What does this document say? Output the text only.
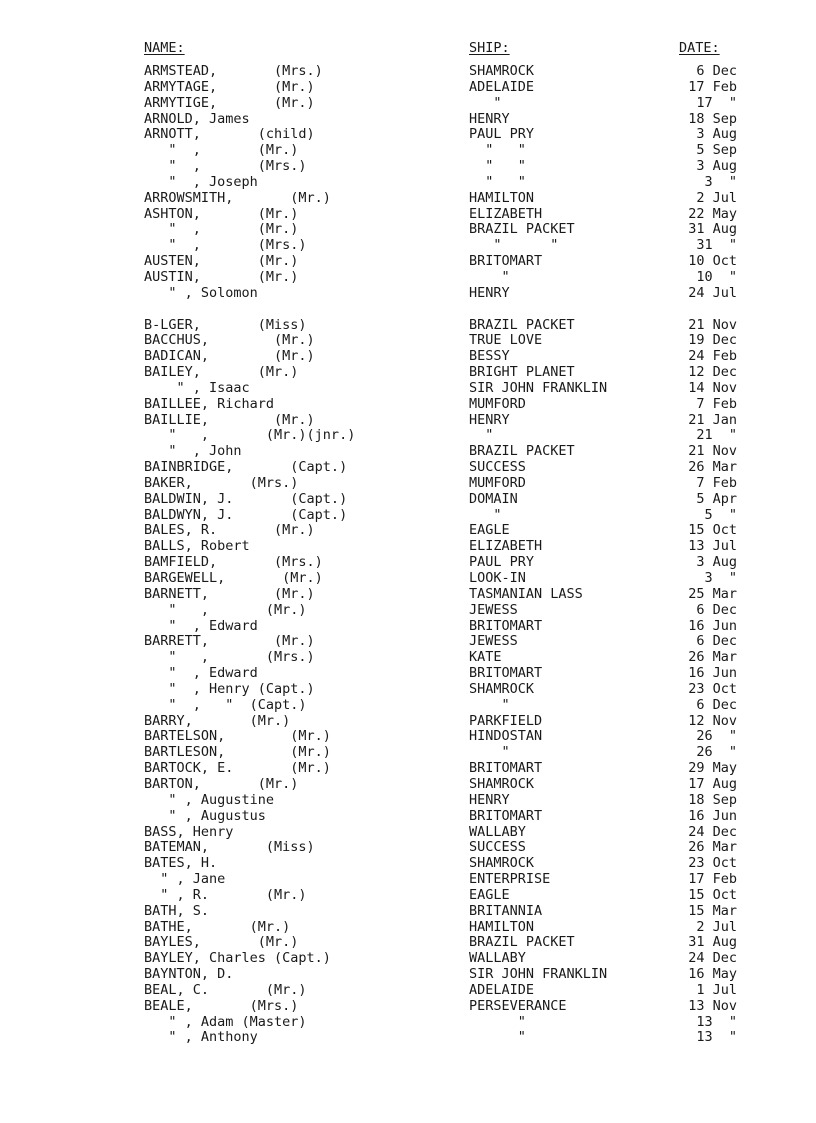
NAME:	SHIP:	DATE:
ARMSTEAD,       (Mrs.)	SHAMROCK	6 Dec
ARMYTAGE,       (Mr.)	ADELAIDE	17 Feb
ARMYTIGE,       (Mr.)	"	17  "
ARNOLD, James	HENRY	18 Sep
ARNOTT,       (child)	PAUL PRY	3 Aug
"  ,       (Mr.)	"   "	5 Sep
"  ,       (Mrs.)	"   "	3 Aug
"  , Joseph	"   "	3  "
ARROWSMITH,       (Mr.)	HAMILTON	2 Jul
ASHTON,       (Mr.)	ELIZABETH	22 May
"  ,       (Mr.)	BRAZIL PACKET	31 Aug
"  ,       (Mrs.)	"      "	31  "
AUSTEN,       (Mr.)	BRITOMART	10 Oct
AUSTIN,       (Mr.)	"	10  "
" , Solomon	HENRY	24 Jul
B-LGER,       (Miss)	BRAZIL PACKET	21 Nov
BACCHUS,        (Mr.)	TRUE LOVE	19 Dec
BADICAN,        (Mr.)	BESSY	24 Feb
BAILEY,       (Mr.)	BRIGHT PLANET	12 Dec
" , Isaac	SIR JOHN FRANKLIN	14 Nov
BAILLEE, Richard	MUMFORD	7 Feb
BAILLIE,        (Mr.)	HENRY	21 Jan
"   ,       (Mr.)(jnr.)	"	21  "
"  , John	BRAZIL PACKET	21 Nov
BAINBRIDGE,       (Capt.)	SUCCESS	26 Mar
BAKER,       (Mrs.)	MUMFORD	7 Feb
BALDWIN, J.       (Capt.)	DOMAIN	5 Apr
BALDWYN, J.       (Capt.)	"	5  "
BALES, R.       (Mr.)	EAGLE	15 Oct
BALLS, Robert	ELIZABETH	13 Jul
BAMFIELD,       (Mrs.)	PAUL PRY	3 Aug
BARGEWELL,       (Mr.)	LOOK-IN	3  "
BARNETT,        (Mr.)	TASMANIAN LASS	25 Mar
"   ,       (Mr.)	JEWESS	6 Dec
"  , Edward	BRITOMART	16 Jun
BARRETT,        (Mr.)	JEWESS	6 Dec
"   ,       (Mrs.)	KATE	26 Mar
"  , Edward	BRITOMART	16 Jun
"  , Henry (Capt.)	SHAMROCK	23 Oct
"  ,   "  (Capt.)	"	6 Dec
BARRY,       (Mr.)	PARKFIELD	12 Nov
BARTELSON,        (Mr.)	HINDOSTAN	26  "
BARTLESON,        (Mr.)	"	26  "
BARTOCK, E.       (Mr.)	BRITOMART	29 May
BARTON,       (Mr.)	SHAMROCK	17 Aug
" , Augustine	HENRY	18 Sep
" , Augustus	BRITOMART	16 Jun
BASS, Henry	WALLABY	24 Dec
BATEMAN,       (Miss)	SUCCESS	26 Mar
BATES, H.	SHAMROCK	23 Oct
" , Jane	ENTERPRISE	17 Feb
" , R.       (Mr.)	EAGLE	15 Oct
BATH, S.	BRITANNIA	15 Mar
BATHE,       (Mr.)	HAMILTON	2 Jul
BAYLES,       (Mr.)	BRAZIL PACKET	31 Aug
BAYLEY, Charles (Capt.)	WALLABY	24 Dec
BAYNTON, D.	SIR JOHN FRANKLIN	16 May
BEAL, C.       (Mr.)	ADELAIDE	1 Jul
BEALE,       (Mrs.)	PERSEVERANCE	13 Nov
" , Adam (Master)	"	13  "
" , Anthony	"	13  "
